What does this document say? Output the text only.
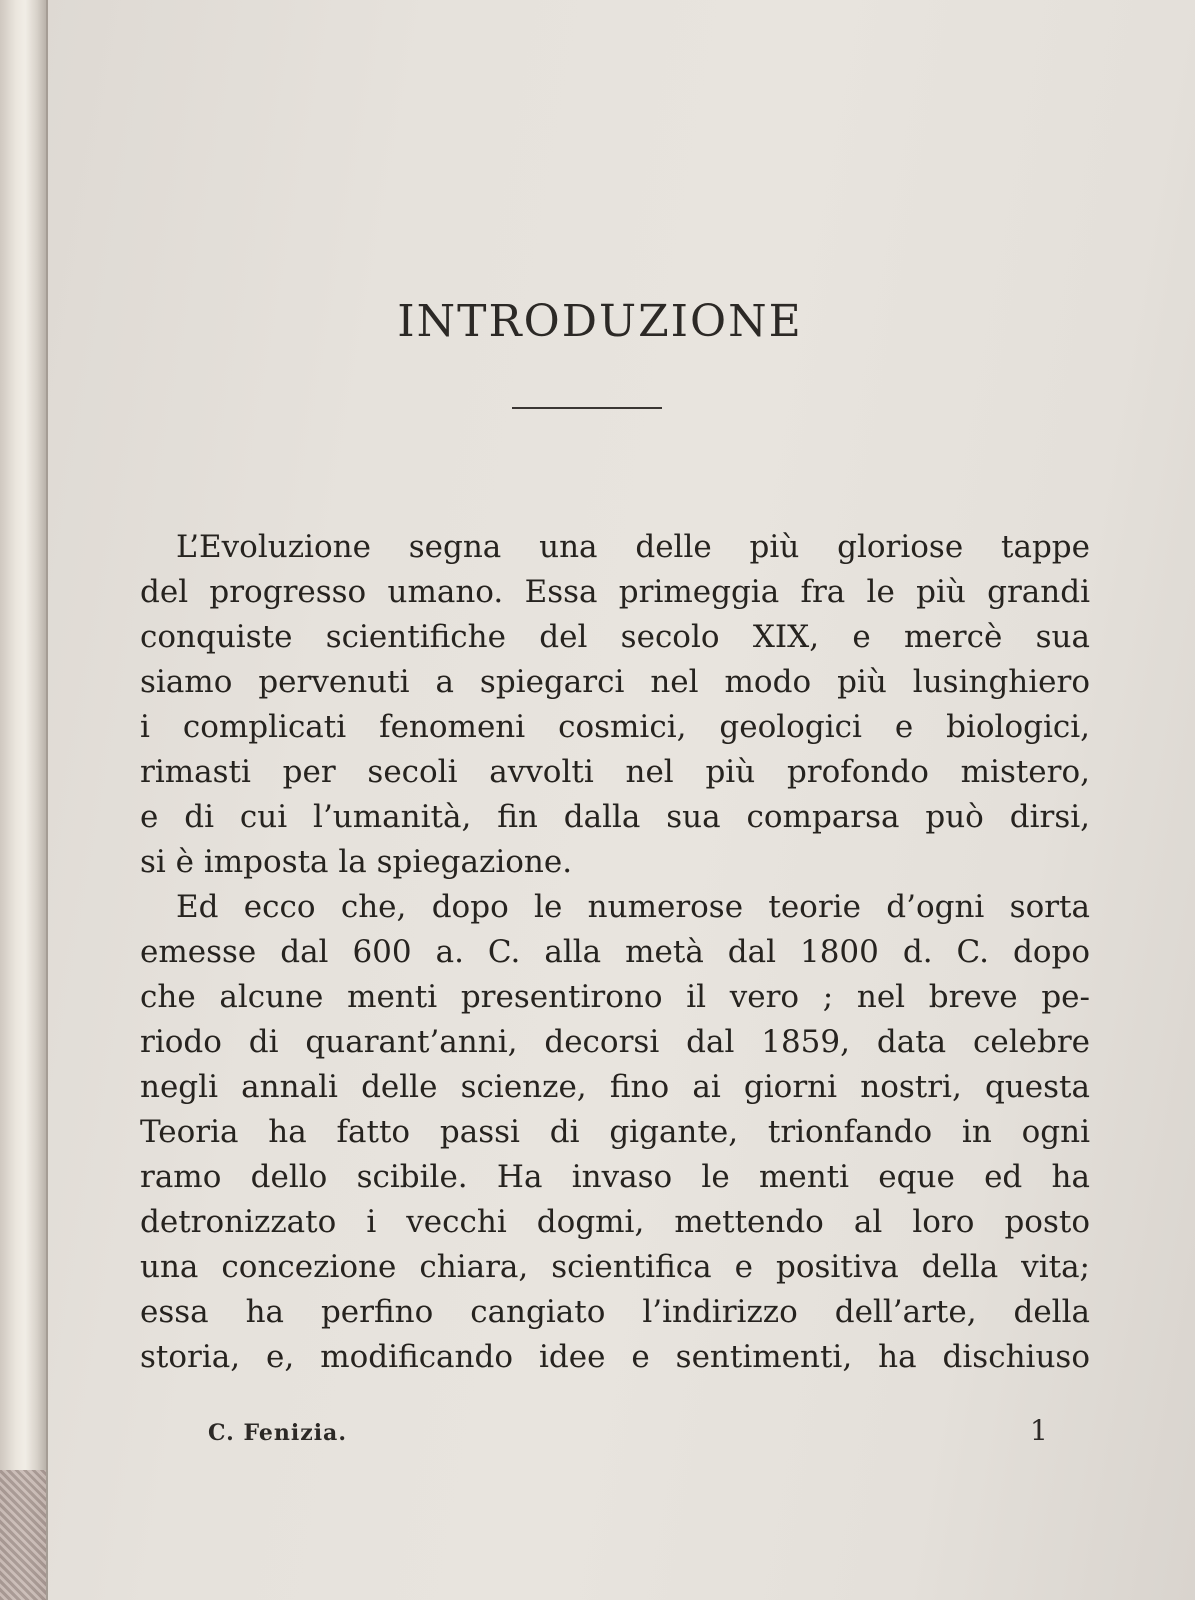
INTRODUZIONE
L’Evoluzione segna una delle più gloriose tappe
del progresso umano. Essa primeggia fra le più grandi
conquiste scientifiche del secolo XIX, e mercè sua
siamo pervenuti a spiegarci nel modo più lusinghiero
i complicati fenomeni cosmici, geologici e biologici,
rimasti per secoli avvolti nel più profondo mistero,
e di cui l’umanità, fin dalla sua comparsa può dirsi,
si è imposta la spiegazione.
Ed ecco che, dopo le numerose teorie d’ogni sorta
emesse dal 600 a. C. alla metà dal 1800 d. C. dopo
che alcune menti presentirono il vero ; nel breve pe-
riodo di quarant’anni, decorsi dal 1859, data celebre
negli annali delle scienze, fino ai giorni nostri, questa
Teoria ha fatto passi di gigante, trionfando in ogni
ramo dello scibile. Ha invaso le menti eque ed ha
detronizzato i vecchi dogmi, mettendo al loro posto
una concezione chiara, scientifica e positiva della vita;
essa ha perfino cangiato l’indirizzo dell’arte, della
storia, e, modificando idee e sentimenti, ha dischiuso
C. Fenizia.	1
